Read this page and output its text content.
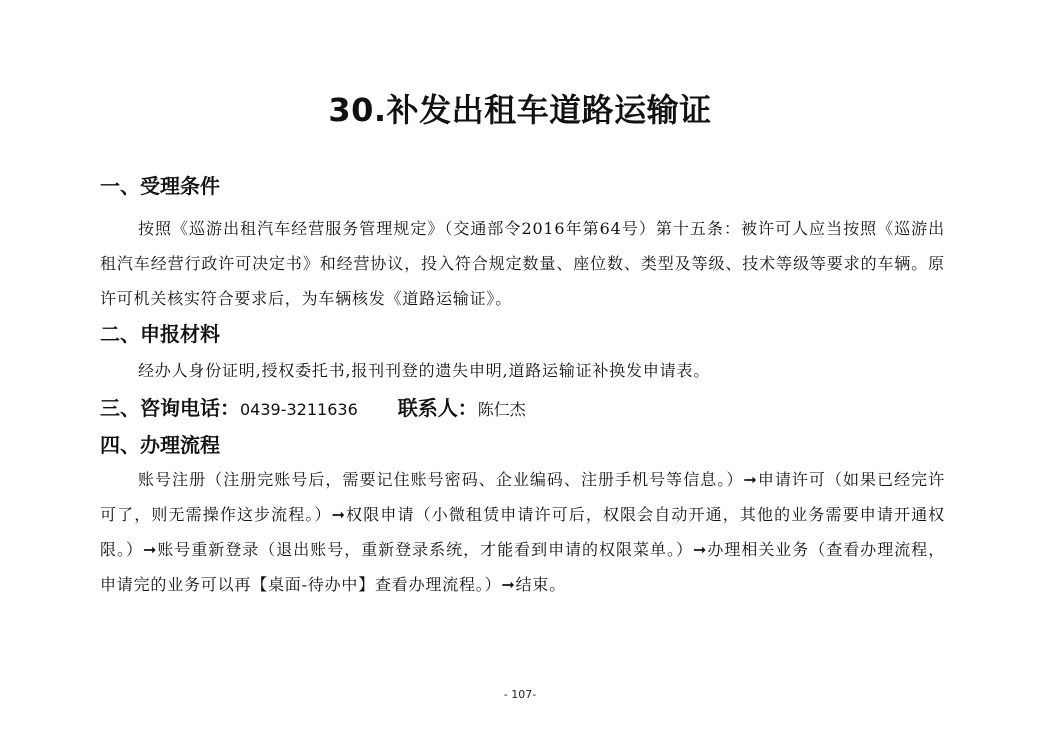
30.补发出租车道路运输证
一、受理条件

按照《巡游出租汽车经营服务管理规定》（交通部令2016年第64号）第十五条：被许可人应当按照《巡游出租汽车经营行政许可决定书》和经营协议，投入符合规定数量、座位数、类型及等级、技术等级等要求的车辆。原许可机关核实符合要求后，为车辆核发《道路运输证》。

二、申报材料

经办人身份证明,授权委托书,报刊刊登的遗失申明,道路运输证补换发申请表。

三、咨询电话：0439-3211636 联系人：陈仁杰
四、办理流程

账号注册（注册完账号后，需要记住账号密码、企业编码、注册手机号等信息。）➞申请许可（如果已经完许可了，则无需操作这步流程。）➞权限申请（小微租赁申请许可后，权限会自动开通，其他的业务需要申请开通权限。）➞账号重新登录（退出账号，重新登录系统，才能看到申请的权限菜单。）➞办理相关业务（查看办理流程，申请完的业务可以再【桌面-待办中】查看办理流程。）➞结束。

- 107-
